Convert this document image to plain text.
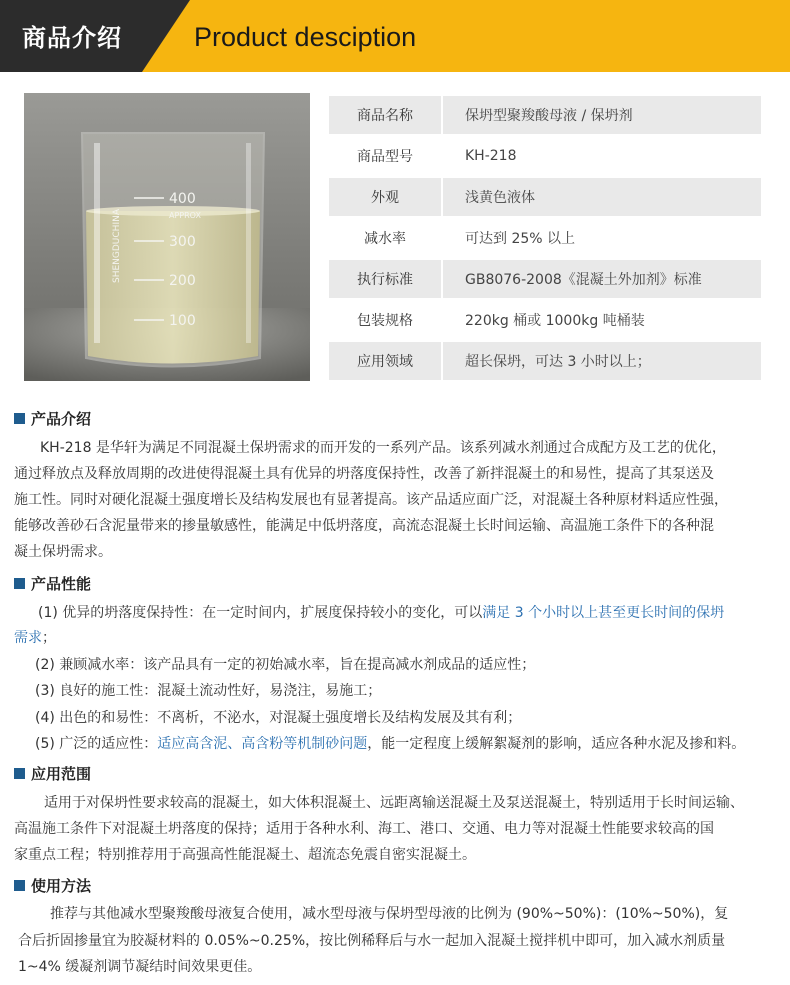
商品介绍	Product desciption
400
300
200
100
APPROX
SHENGDUCHINA
商品名称	保坍型聚羧酸母液 / 保坍剂
商品型号	KH-218
外观	浅黄色液体
减水率	可达到 25% 以上
执行标准	GB8076-2008《混凝土外加剂》标准
包装规格	220kg 桶或 1000kg 吨桶装
应用领域	超长保坍，可达 3 小时以上；
产品介绍
KH-218 是华轩为满足不同混凝土保坍需求的而开发的一系列产品。该系列减水剂通过合成配方及工艺的优化，
通过释放点及释放周期的改进使得混凝土具有优异的坍落度保持性，改善了新拌混凝土的和易性，提高了其泵送及
施工性。同时对硬化混凝土强度增长及结构发展也有显著提高。该产品适应面广泛，对混凝土各种原材料适应性强，
能够改善砂石含泥量带来的掺量敏感性，能满足中低坍落度，高流态混凝土长时间运输、高温施工条件下的各种混
凝土保坍需求。
产品性能
(1) 优异的坍落度保持性：在一定时间内，扩展度保持较小的变化，可以满足 3 个小时以上甚至更长时间的保坍
需求；
(2) 兼顾减水率：该产品具有一定的初始减水率，旨在提高减水剂成品的适应性；
(3) 良好的施工性：混凝土流动性好，易浇注，易施工；
(4) 出色的和易性：不离析，不泌水，对混凝土强度增长及结构发展及其有利；
(5) 广泛的适应性：适应高含泥、高含粉等机制砂问题，能一定程度上缓解絮凝剂的影响，适应各种水泥及掺和料。
应用范围
适用于对保坍性要求较高的混凝土，如大体积混凝土、远距离输送混凝土及泵送混凝土，特别适用于长时间运输、
高温施工条件下对混凝土坍落度的保持；适用于各种水利、海工、港口、交通、电力等对混凝土性能要求较高的国
家重点工程；特别推荐用于高强高性能混凝土、超流态免震自密实混凝土。
使用方法
推荐与其他减水型聚羧酸母液复合使用，减水型母液与保坍型母液的比例为 (90%~50%)：(10%~50%)，复
合后折固掺量宜为胶凝材料的 0.05%~0.25%，按比例稀释后与水一起加入混凝土搅拌机中即可，加入减水剂质量
1~4% 缓凝剂调节凝结时间效果更佳。
